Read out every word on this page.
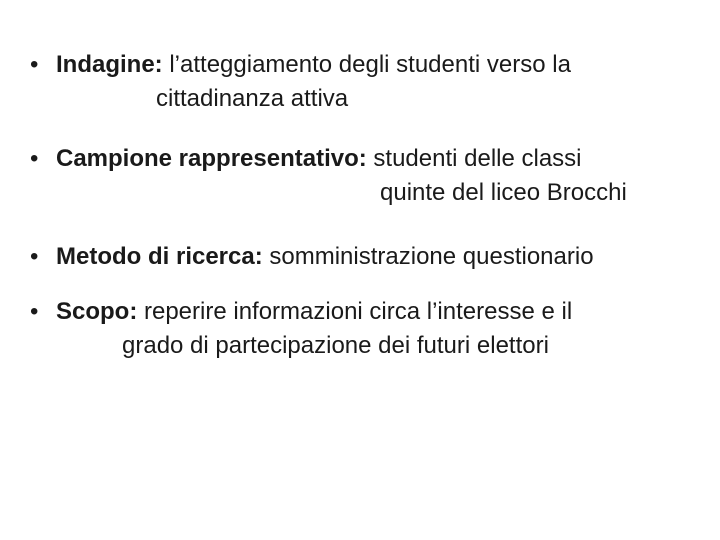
• Indagine: l’atteggiamento degli studenti verso la
cittadinanza attiva
• Campione rappresentativo: studenti delle classi
quinte del liceo Brocchi
• Metodo di ricerca: somministrazione questionario
• Scopo: reperire informazioni circa l’interesse e il
grado di partecipazione dei futuri elettori
